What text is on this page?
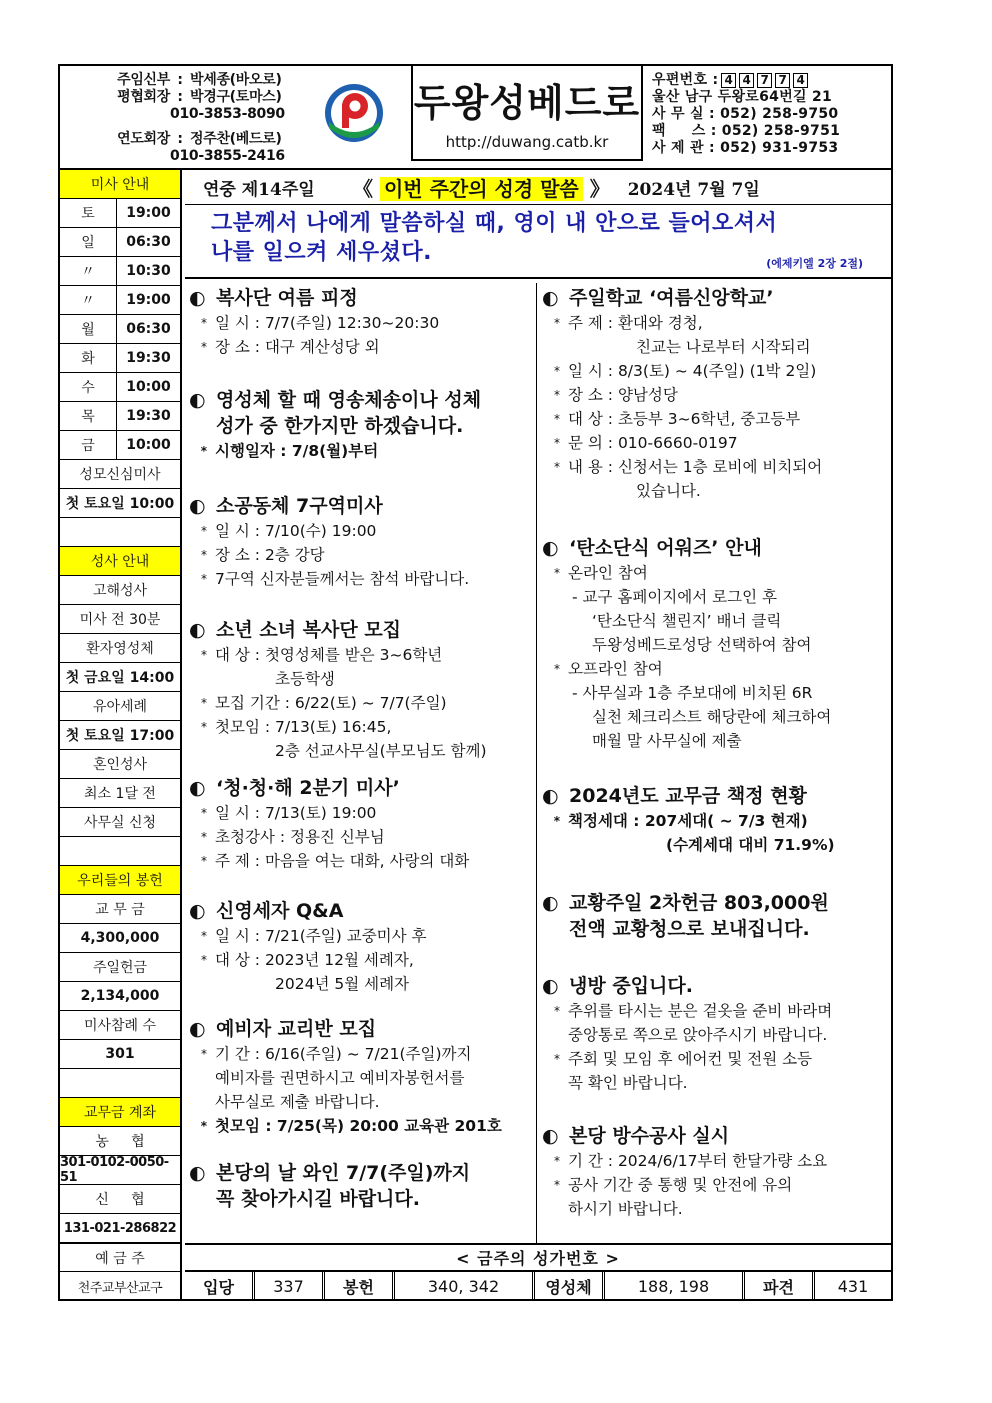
주임신부 : 박세종(바오로)
평협회장 : 박경구(토마스)
010-3853-8090
연도회장 : 정주찬(베드로)
010-3855-2416
두왕성베드로
http://duwang.catb.kr
우편번호 : 4 4 7 7 4
울산 남구 두왕로64번길 21
사 무 실 : 052) 258-9750
팩     스 : 052) 258-9751
사 제 관 : 052) 931-9753
미사 안내
토	19:00
일	06:30
〃	10:30
〃	19:00
월	06:30
화	19:30
수	10:00
목	19:30
금	10:00
성모신심미사
첫 토요일 10:00
성사 안내
고해성사
미사 전 30분
환자영성체
첫 금요일 14:00
유아세례
첫 토요일 17:00
혼인성사
최소 1달 전
사무실 신청
우리들의 봉헌
교 무 금
4,300,000
주일헌금
2,134,000
미사참례 수
301
교무금 계좌
농     협
301-0102-0050-51
신     협
131-021-286822
예 금 주
천주교부산교구
연중 제14주일	《 이번 주간의 성경 말씀 》 2024년 7월 7일
그분께서 나에게 말씀하실 때, 영이 내 안으로 들어오셔서
나를 일으켜 세우셨다.	(에제키엘 2장 2절)
◐ 복사단 여름 피정
* 일 시 : 7/7(주일) 12:30~20:30
* 장 소 : 대구 계산성당 외
◐ 영성체 할 때 영송체송이나 성체
성가 중 한가지만 하겠습니다.
* 시행일자 : 7/8(월)부터
◐ 소공동체 7구역미사
* 일 시 : 7/10(수) 19:00
* 장 소 : 2층 강당
* 7구역 신자분들께서는 참석 바랍니다.
◐ 소년 소녀 복사단 모집
* 대 상 : 첫영성체를 받은 3~6학년
초등학생
* 모집 기간 : 6/22(토) ~ 7/7(주일)
* 첫모임 : 7/13(토) 16:45,
2층 선교사무실(부모님도 함께)
◐ ‘청·청·해 2분기 미사’
* 일 시 : 7/13(토) 19:00
* 초청강사 : 정용진 신부님
* 주 제 : 마음을 여는 대화, 사랑의 대화
◐ 신영세자 Q&A
* 일 시 : 7/21(주일) 교중미사 후
* 대 상 : 2023년 12월 세례자,
2024년 5월 세례자
◐ 예비자 교리반 모집
* 기 간 : 6/16(주일) ~ 7/21(주일)까지
예비자를 권면하시고 예비자봉헌서를
사무실로 제출 바랍니다.
* 첫모임 : 7/25(목) 20:00 교육관 201호
◐ 본당의 날 와인 7/7(주일)까지
꼭 찾아가시길 바랍니다.
◐ 주일학교 ‘여름신앙학교’
* 주 제 : 환대와 경청,
친교는 나로부터 시작되리
* 일 시 : 8/3(토) ~ 4(주일) (1박 2일)
* 장 소 : 양남성당
* 대 상 : 초등부 3~6학년, 중고등부
* 문 의 : 010-6660-0197
* 내 용 : 신청서는 1층 로비에 비치되어
있습니다.
◐ ‘탄소단식 어워즈’ 안내
* 온라인 참여
- 교구 홈페이지에서 로그인 후
‘탄소단식 챌린지’ 배너 클릭
두왕성베드로성당 선택하여 참여
* 오프라인 참여
- 사무실과 1층 주보대에 비치된 6R
실천 체크리스트 해당란에 체크하여
매월 말 사무실에 제출
◐ 2024년도 교무금 책정 현황
* 책정세대 : 207세대( ~ 7/3 현재)
(수계세대 대비 71.9%)
◐ 교황주일 2차헌금 803,000원
전액 교황청으로 보내집니다.
◐ 냉방 중입니다.
* 추위를 타시는 분은 겉옷을 준비 바라며
중앙통로 쪽으로 앉아주시기 바랍니다.
* 주회 및 모임 후 에어컨 및 전원 소등
꼭 확인 바랍니다.
◐ 본당 방수공사 실시
* 기 간 : 2024/6/17부터 한달가량 소요
* 공사 기간 중 통행 및 안전에 유의
하시기 바랍니다.
< 금주의 성가번호 >
입당	337	봉헌	340, 342	영성체	188, 198	파견	431
